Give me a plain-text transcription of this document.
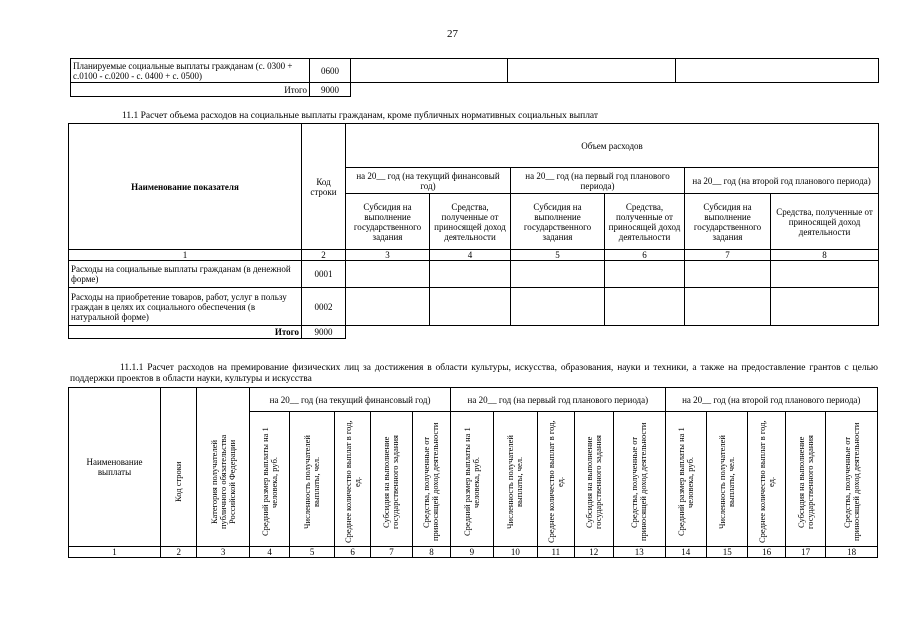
27
Планируемые социальные выплаты гражданам (с. 0300 + с.0100 - с.0200 - с. 0400 + с. 0500)	0600			
Итого	9000			
11.1 Расчет объема расходов на социальные выплаты гражданам, кроме публичных нормативных социальных выплат
Наименование показателя	Код строки	Объем расходов					
		на 20__ год (на текущий финансовый год)		на 20__ год (на первый год планового периода)		на 20__ год (на второй год планового периода)	
		Субсидия на выполнение государственного задания	Средства, полученные от приносящей доход деятельности	Субсидия на выполнение государственного задания	Средства, полученные от приносящей доход деятельности	Субсидия на выполнение государственного задания	Средства, полученные от приносящей доход деятельности
1	2	3	4	5	6	7	8
Расходы на социальные выплаты гражданам (в денежной форме)	0001						
Расходы на приобретение товаров, работ, услуг в пользу граждан в целях их социального обеспечения (в натуральной форме)	0002						
Итого	9000						
11.1.1 Расчет расходов на премирование физических лиц за достижения в области культуры, искусства, образования, науки и техники, а также на предоставление грантов с целью поддержки проектов в области науки, культуры и искусства
Наименование выплаты	Код строки	Категория получателей публичного обязательства Российской Федерации	на 20__ год (на текущий финансовый год)					на 20__ год (на первый год планового периода)					на 20__ год (на второй год планового периода)				

			Средний размер выплаты на 1 человека, руб.	Численность получателей выплаты, чел.	Среднее количество выплат в год, ед.	Субсидия на выполнение государственного задания	Средства, полученные от приносящей доход деятельности	Средний размер выплаты на 1 человека, руб.	Численность получателей выплаты, чел.	Среднее количество выплат в год, ед.	Субсидия на выполнение государственного задания	Средства, полученные от приносящей доход деятельности	Средний размер выплаты на 1 человека, руб.	Численность получателей выплаты, чел.	Среднее количество выплат в год, ед.	Субсидия на выполнение государственного задания	Средства, полученные от приносящей доход деятельности

1	2	3	4	5	6	7	8	9	10	11	12	13	14	15	16	17	18
